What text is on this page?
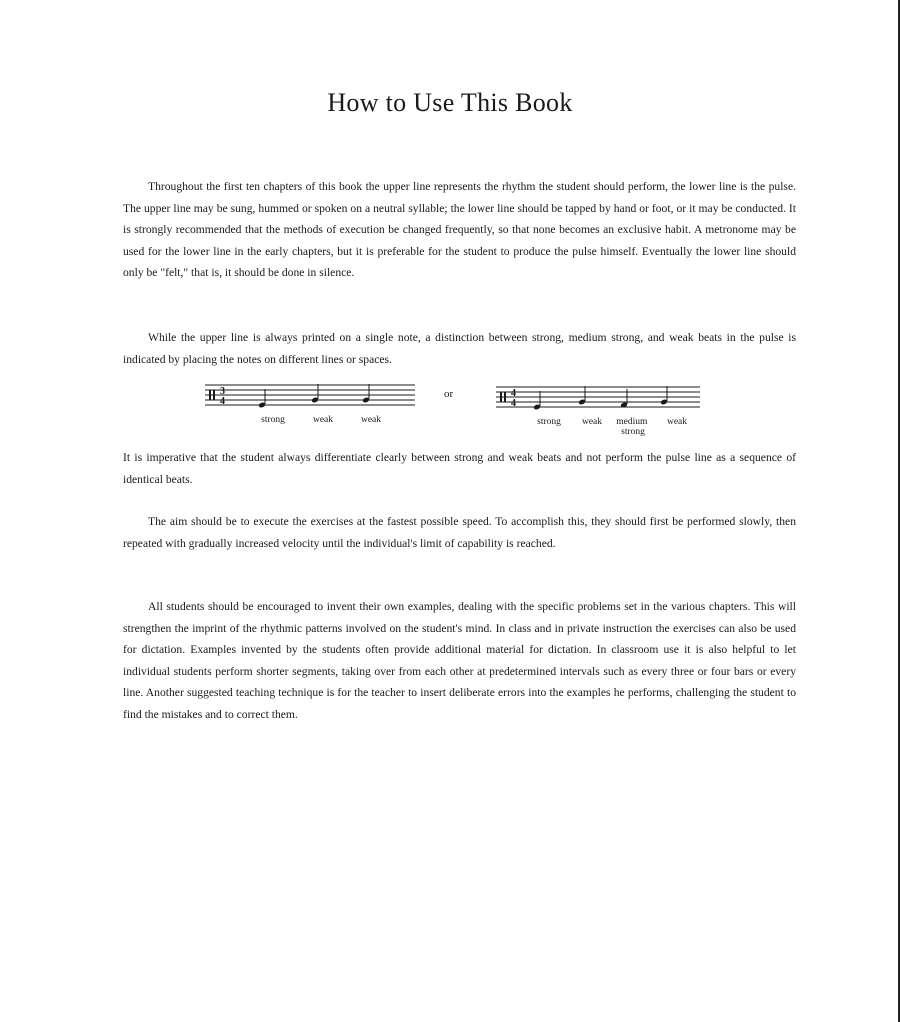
How to Use This Book

Throughout the first ten chapters of this book the upper line represents the rhythm the student should perform, the lower line is the pulse. The upper line may be sung, hummed or spoken on a neutral syllable; the lower line should be tapped by hand or foot, or it may be conducted. It is strongly recommended that the methods of execution be changed frequently, so that none becomes an exclusive habit. A metronome may be used for the lower line in the early chapters, but it is preferable for the student to produce the pulse himself. Eventually the lower line should only be "felt," that is, it should be done in silence.

While the upper line is always printed on a single note, a distinction between strong, medium strong, and weak beats in the pulse is indicated by placing the notes on different lines or spaces.

3
4
strong	weak	weak
or	4
4
strong weak medium strong
weak

It is imperative that the student always differentiate clearly between strong and weak beats and not perform the pulse line as a sequence of identical beats.

The aim should be to execute the exercises at the fastest possible speed. To accomplish this, they should first be performed slowly, then repeated with gradually increased velocity until the individual's limit of capability is reached.

All students should be encouraged to invent their own examples, dealing with the specific problems set in the various chapters. This will strengthen the imprint of the rhythmic patterns involved on the student's mind. In class and in private instruction the exercises can also be used for dictation. Examples invented by the students often provide additional material for dictation. In classroom use it is also helpful to let individual students perform shorter segments, taking over from each other at predetermined intervals such as every three or four bars or every line. Another suggested teaching technique is for the teacher to insert deliberate errors into the examples he performs, challenging the student to find the mistakes and to correct them.
